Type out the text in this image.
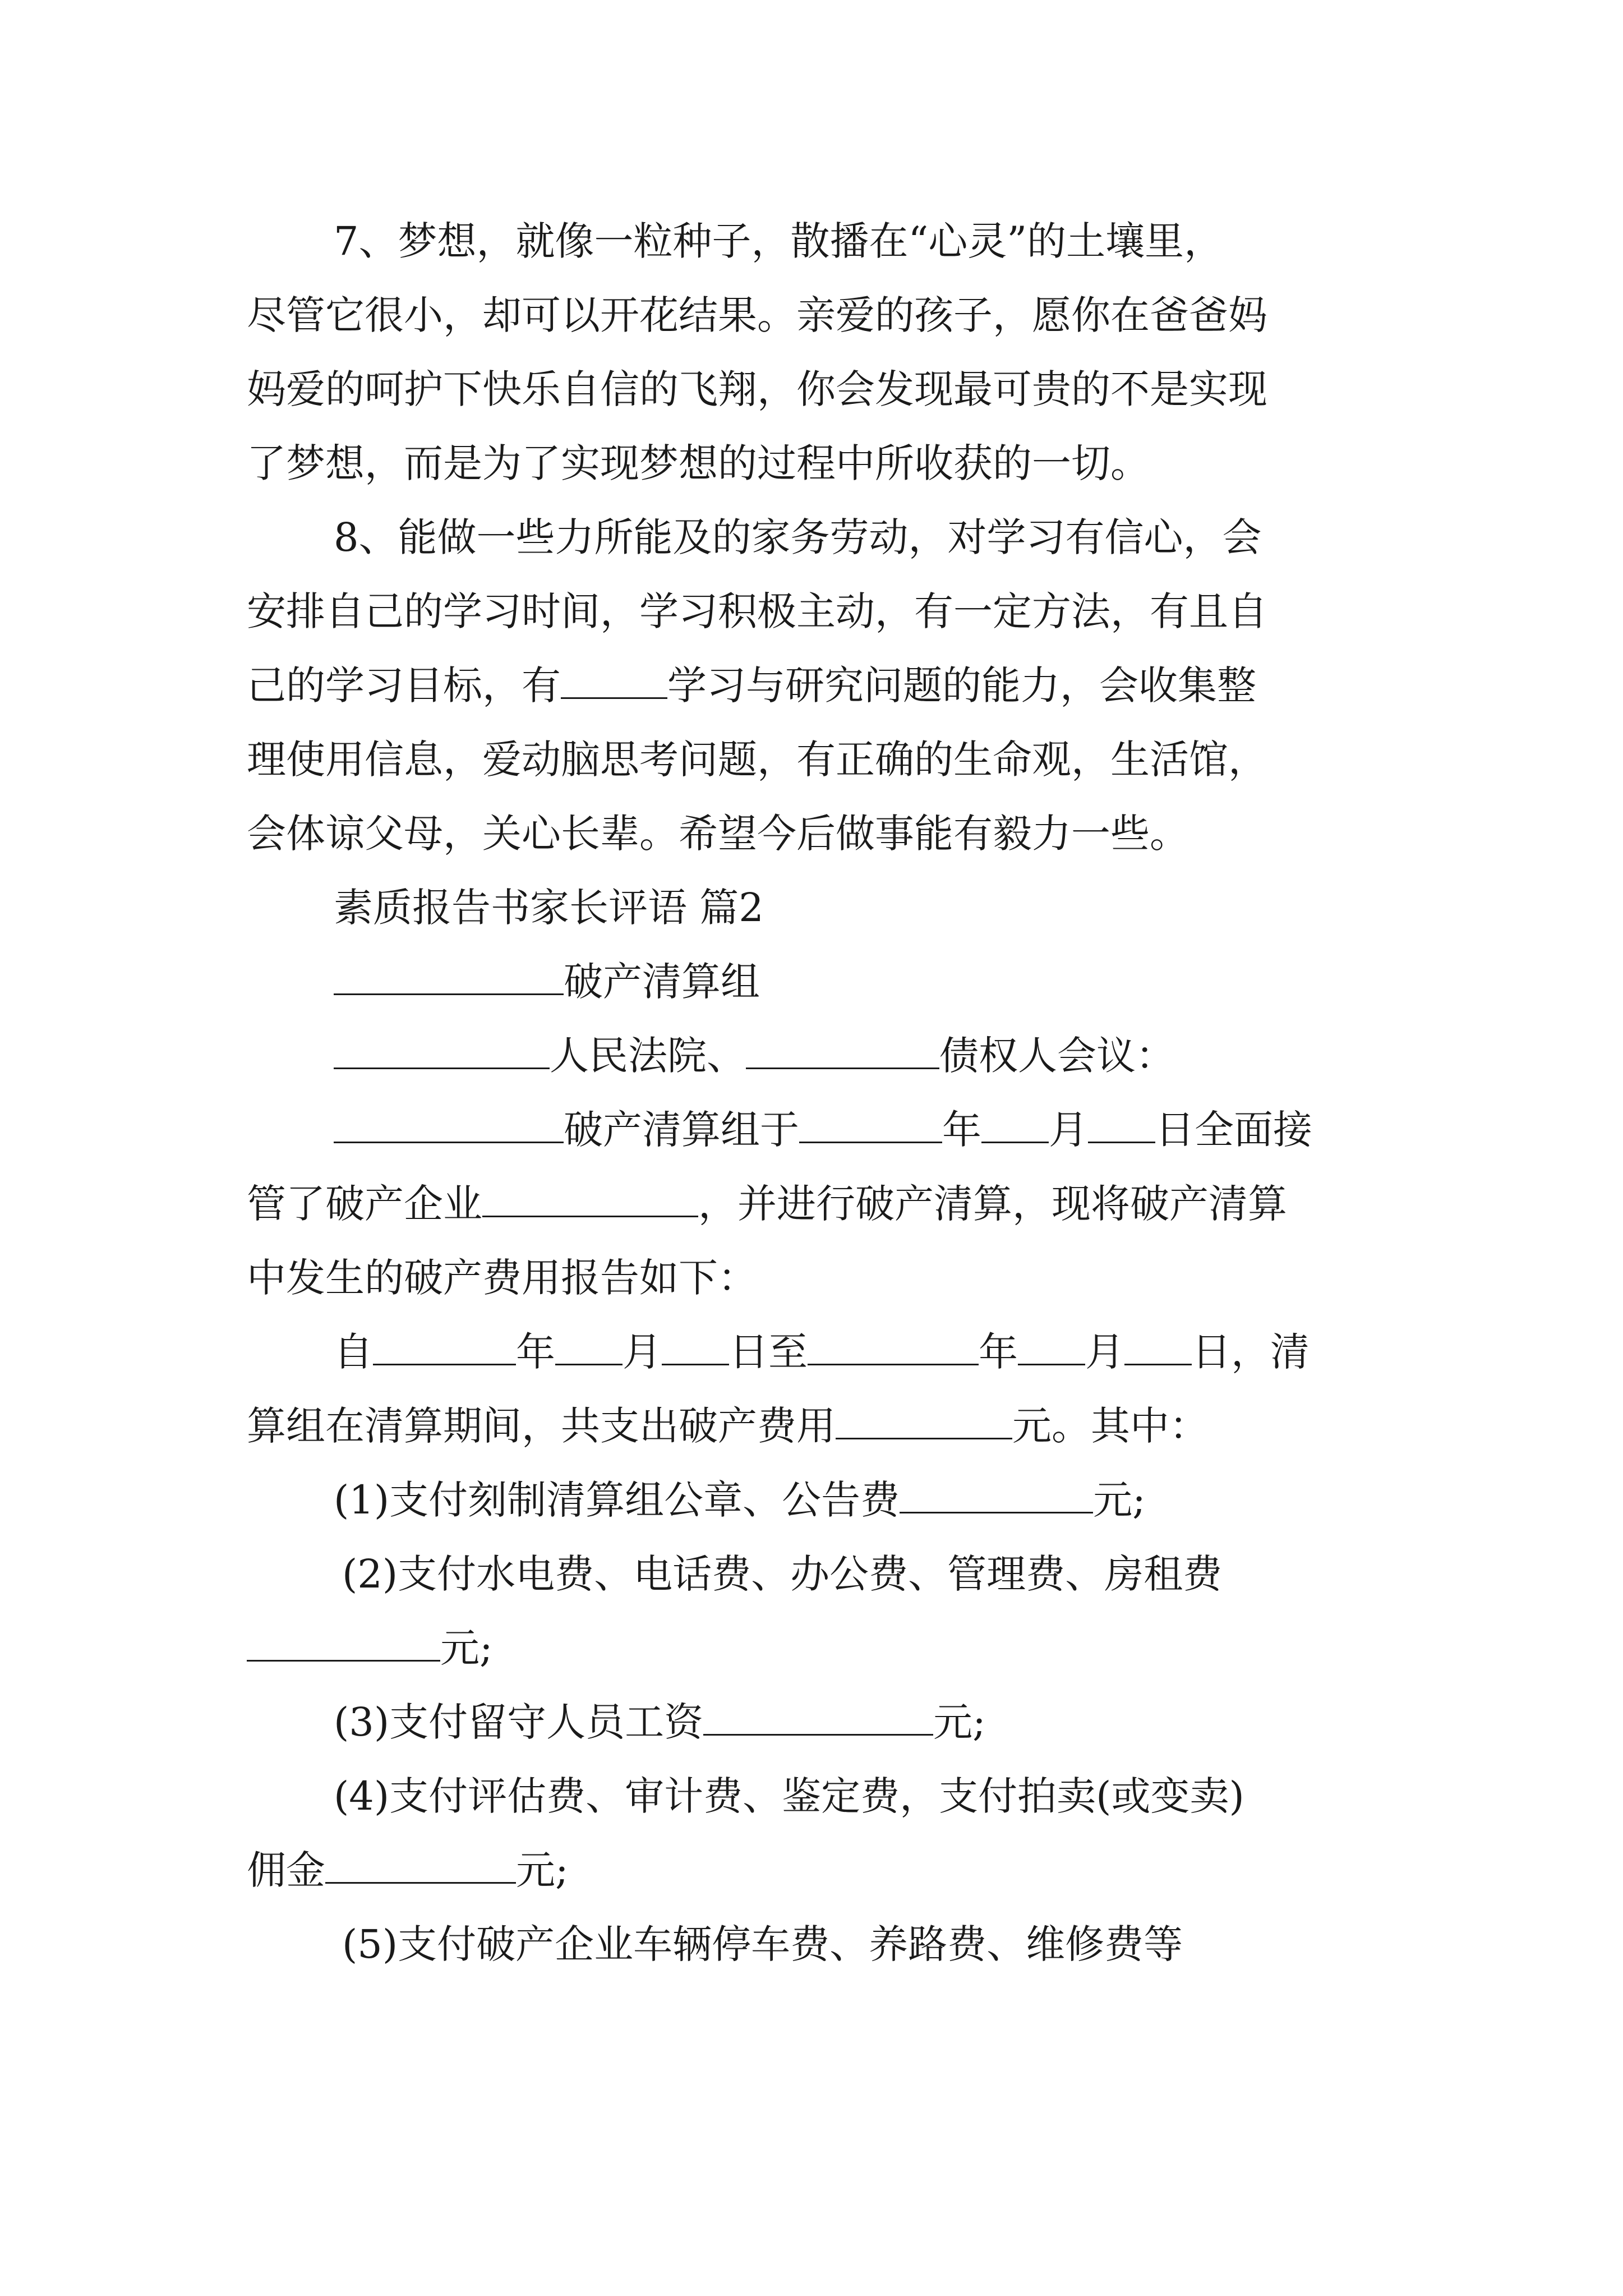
7、梦想，就像一粒种子，散播在“心灵”的土壤里，
尽管它很小，却可以开花结果。亲爱的孩子，愿你在爸爸妈
妈爱的呵护下快乐自信的飞翔，你会发现最可贵的不是实现
了梦想，而是为了实现梦想的过程中所收获的一切。
8、能做一些力所能及的家务劳动，对学习有信心，会
安排自己的学习时间，学习积极主动，有一定方法，有且自
己的学习目标，有	学习与研究问题的能力，会收集整
理使用信息，爱动脑思考问题，有正确的生命观，生活馆，
会体谅父母，关心长辈。希望今后做事能有毅力一些。
素质报告书家长评语 篇2
破产清算组
人民法院、	债权人会议：
破产清算组于	年 月 日全面接
管了破产企业	，并进行破产清算，现将破产清算
中发生的破产费用报告如下：
自	年 月 日至	年 月 日，清
算组在清算期间，共支出破产费用	元。其中：
(1)支付刻制清算组公章、公告费	元;
(2)支付水电费、电话费、办公费、管理费、房租费
元;
(3)支付留守人员工资	元;
(4)支付评估费、审计费、鉴定费，支付拍卖(或变卖)
佣金	元;
(5)支付破产企业车辆停车费、养路费、维修费等
